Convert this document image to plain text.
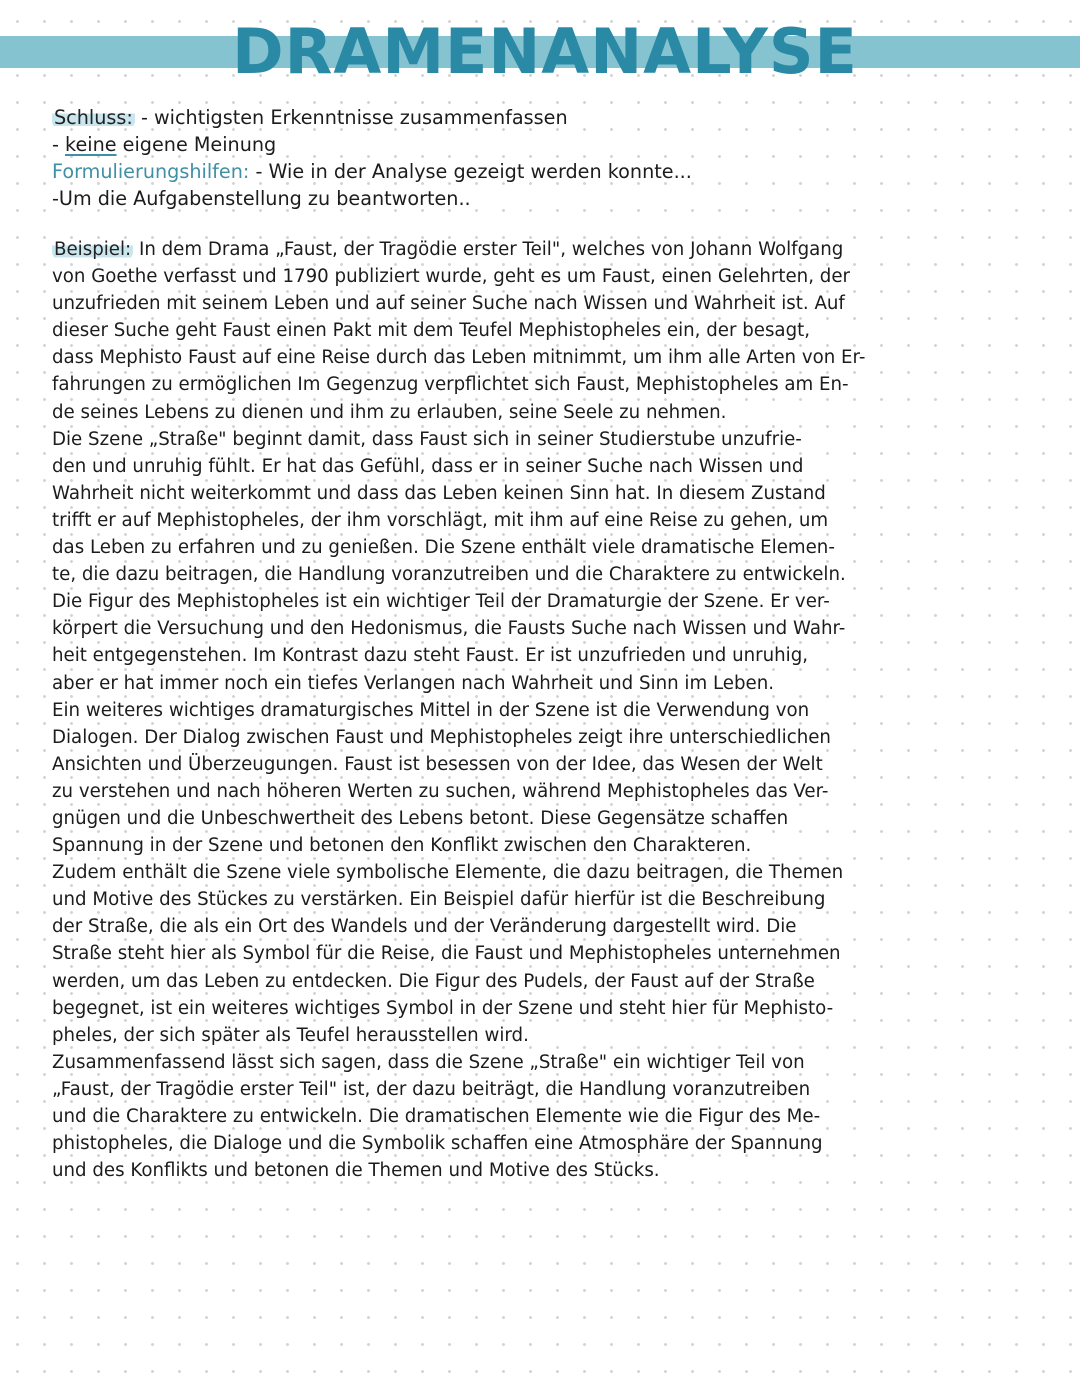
DRAMENANALYSE
Schluss: - wichtigsten Erkenntnisse zusammenfassen
- keine eigene Meinung
Formulierungshilfen: - Wie in der Analyse gezeigt werden konnte...
-Um die Aufgabenstellung zu beantworten..
Beispiel: In dem Drama „Faust, der Tragödie erster Teil", welches von Johann Wolfgang
von Goethe verfasst und 1790 publiziert wurde, geht es um Faust, einen Gelehrten, der
unzufrieden mit seinem Leben und auf seiner Suche nach Wissen und Wahrheit ist. Auf
dieser Suche geht Faust einen Pakt mit dem Teufel Mephistopheles ein, der besagt,
dass Mephisto Faust auf eine Reise durch das Leben mitnimmt, um ihm alle Arten von Er-
fahrungen zu ermöglichen Im Gegenzug verpflichtet sich Faust, Mephistopheles am En-
de seines Lebens zu dienen und ihm zu erlauben, seine Seele zu nehmen.
Die Szene „Straße" beginnt damit, dass Faust sich in seiner Studierstube unzufrie-
den und unruhig fühlt. Er hat das Gefühl, dass er in seiner Suche nach Wissen und
Wahrheit nicht weiterkommt und dass das Leben keinen Sinn hat. In diesem Zustand
trifft er auf Mephistopheles, der ihm vorschlägt, mit ihm auf eine Reise zu gehen, um
das Leben zu erfahren und zu genießen. Die Szene enthält viele dramatische Elemen-
te, die dazu beitragen, die Handlung voranzutreiben und die Charaktere zu entwickeln.
Die Figur des Mephistopheles ist ein wichtiger Teil der Dramaturgie der Szene. Er ver-
körpert die Versuchung und den Hedonismus, die Fausts Suche nach Wissen und Wahr-
heit entgegenstehen. Im Kontrast dazu steht Faust. Er ist unzufrieden und unruhig,
aber er hat immer noch ein tiefes Verlangen nach Wahrheit und Sinn im Leben.
Ein weiteres wichtiges dramaturgisches Mittel in der Szene ist die Verwendung von
Dialogen. Der Dialog zwischen Faust und Mephistopheles zeigt ihre unterschiedlichen
Ansichten und Überzeugungen. Faust ist besessen von der Idee, das Wesen der Welt
zu verstehen und nach höheren Werten zu suchen, während Mephistopheles das Ver-
gnügen und die Unbeschwertheit des Lebens betont. Diese Gegensätze schaffen
Spannung in der Szene und betonen den Konflikt zwischen den Charakteren.
Zudem enthält die Szene viele symbolische Elemente, die dazu beitragen, die Themen
und Motive des Stückes zu verstärken. Ein Beispiel dafür hierfür ist die Beschreibung
der Straße, die als ein Ort des Wandels und der Veränderung dargestellt wird. Die
Straße steht hier als Symbol für die Reise, die Faust und Mephistopheles unternehmen
werden, um das Leben zu entdecken. Die Figur des Pudels, der Faust auf der Straße
begegnet, ist ein weiteres wichtiges Symbol in der Szene und steht hier für Mephisto-
pheles, der sich später als Teufel herausstellen wird.
Zusammenfassend lässt sich sagen, dass die Szene „Straße" ein wichtiger Teil von
„Faust, der Tragödie erster Teil" ist, der dazu beiträgt, die Handlung voranzutreiben
und die Charaktere zu entwickeln. Die dramatischen Elemente wie die Figur des Me-
phistopheles, die Dialoge und die Symbolik schaffen eine Atmosphäre der Spannung
und des Konflikts und betonen die Themen und Motive des Stücks.
